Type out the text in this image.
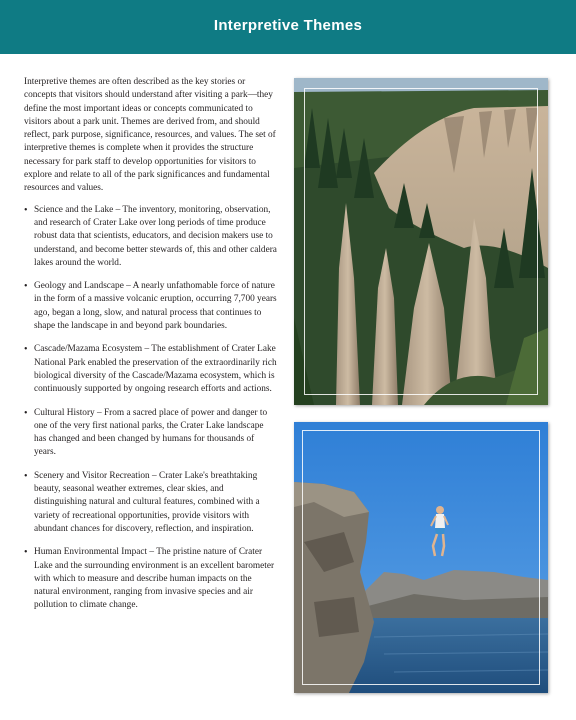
Interpretive Themes

Interpretive themes are often described as the key stories or concepts that visitors should understand after visiting a park—they define the most important ideas or concepts communicated to visitors about a park unit. Themes are derived from, and should reflect, park purpose, significance, resources, and values. The set of interpretive themes is complete when it provides the structure necessary for park staff to develop opportunities for visitors to explore and relate to all of the park significances and fundamental resources and values.

• Science and the Lake – The inventory, monitoring, observation, and research of Crater Lake over long periods of time produce robust data that scientists, educators, and decision makers use to understand, and become better stewards of, this and other caldera lakes around the world.
• Geology and Landscape – A nearly unfathomable force of nature in the form of a massive volcanic eruption, occurring 7,700 years ago, began a long, slow, and natural process that continues to shape the landscape in and beyond park boundaries.
• Cascade/Mazama Ecosystem – The establishment of Crater Lake National Park enabled the preservation of the extraordinarily rich biological diversity of the Cascade/Mazama ecosystem, which is continuously supported by ongoing research efforts and actions.
• Cultural History – From a sacred place of power and danger to one of the very first national parks, the Crater Lake landscape has changed and been changed by humans for thousands of years.
• Scenery and Visitor Recreation – Crater Lake's breathtaking beauty, seasonal weather extremes, clear skies, and distinguishing natural and cultural features, combined with a variety of recreational opportunities, provide visitors with abundant chances for discovery, reflection, and inspiration.
• Human Environmental Impact – The pristine nature of Crater Lake and the surrounding environment is an excellent barometer with which to measure and describe human impacts on the natural environment, ranging from invasive species and air pollution to climate change.
